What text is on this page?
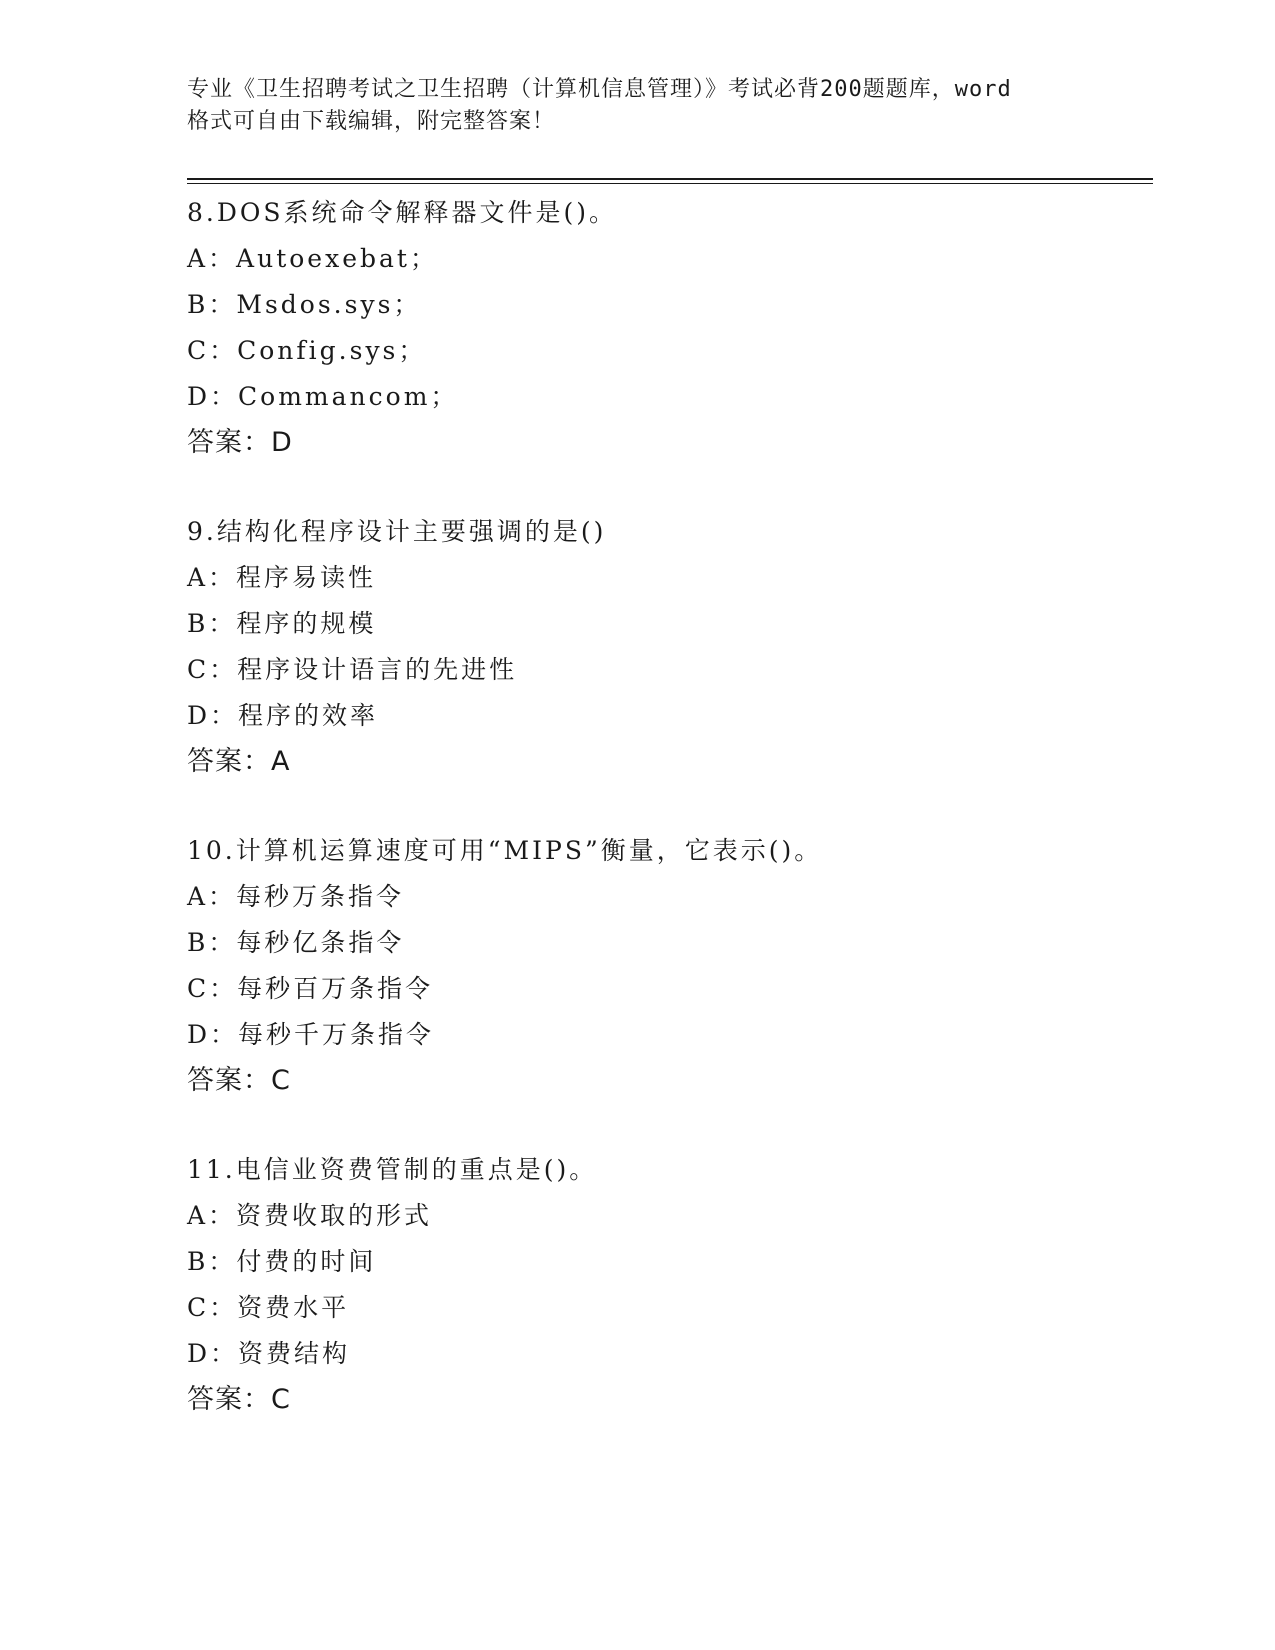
专业《卫生招聘考试之卫生招聘（计算机信息管理）》考试必背200题题库，word
格式可自由下载编辑，附完整答案！
8.DOS系统命令解释器文件是()。
A：Autoexebat；
B：Msdos.sys；
C：Config.sys；
D：Commancom；
答案：D
9.结构化程序设计主要强调的是()
A：程序易读性
B：程序的规模
C：程序设计语言的先进性
D：程序的效率
答案：A
10.计算机运算速度可用“MIPS”衡量，它表示()。
A：每秒万条指令
B：每秒亿条指令
C：每秒百万条指令
D：每秒千万条指令
答案：C
11.电信业资费管制的重点是()。
A：资费收取的形式
B：付费的时间
C：资费水平
D：资费结构
答案：C
